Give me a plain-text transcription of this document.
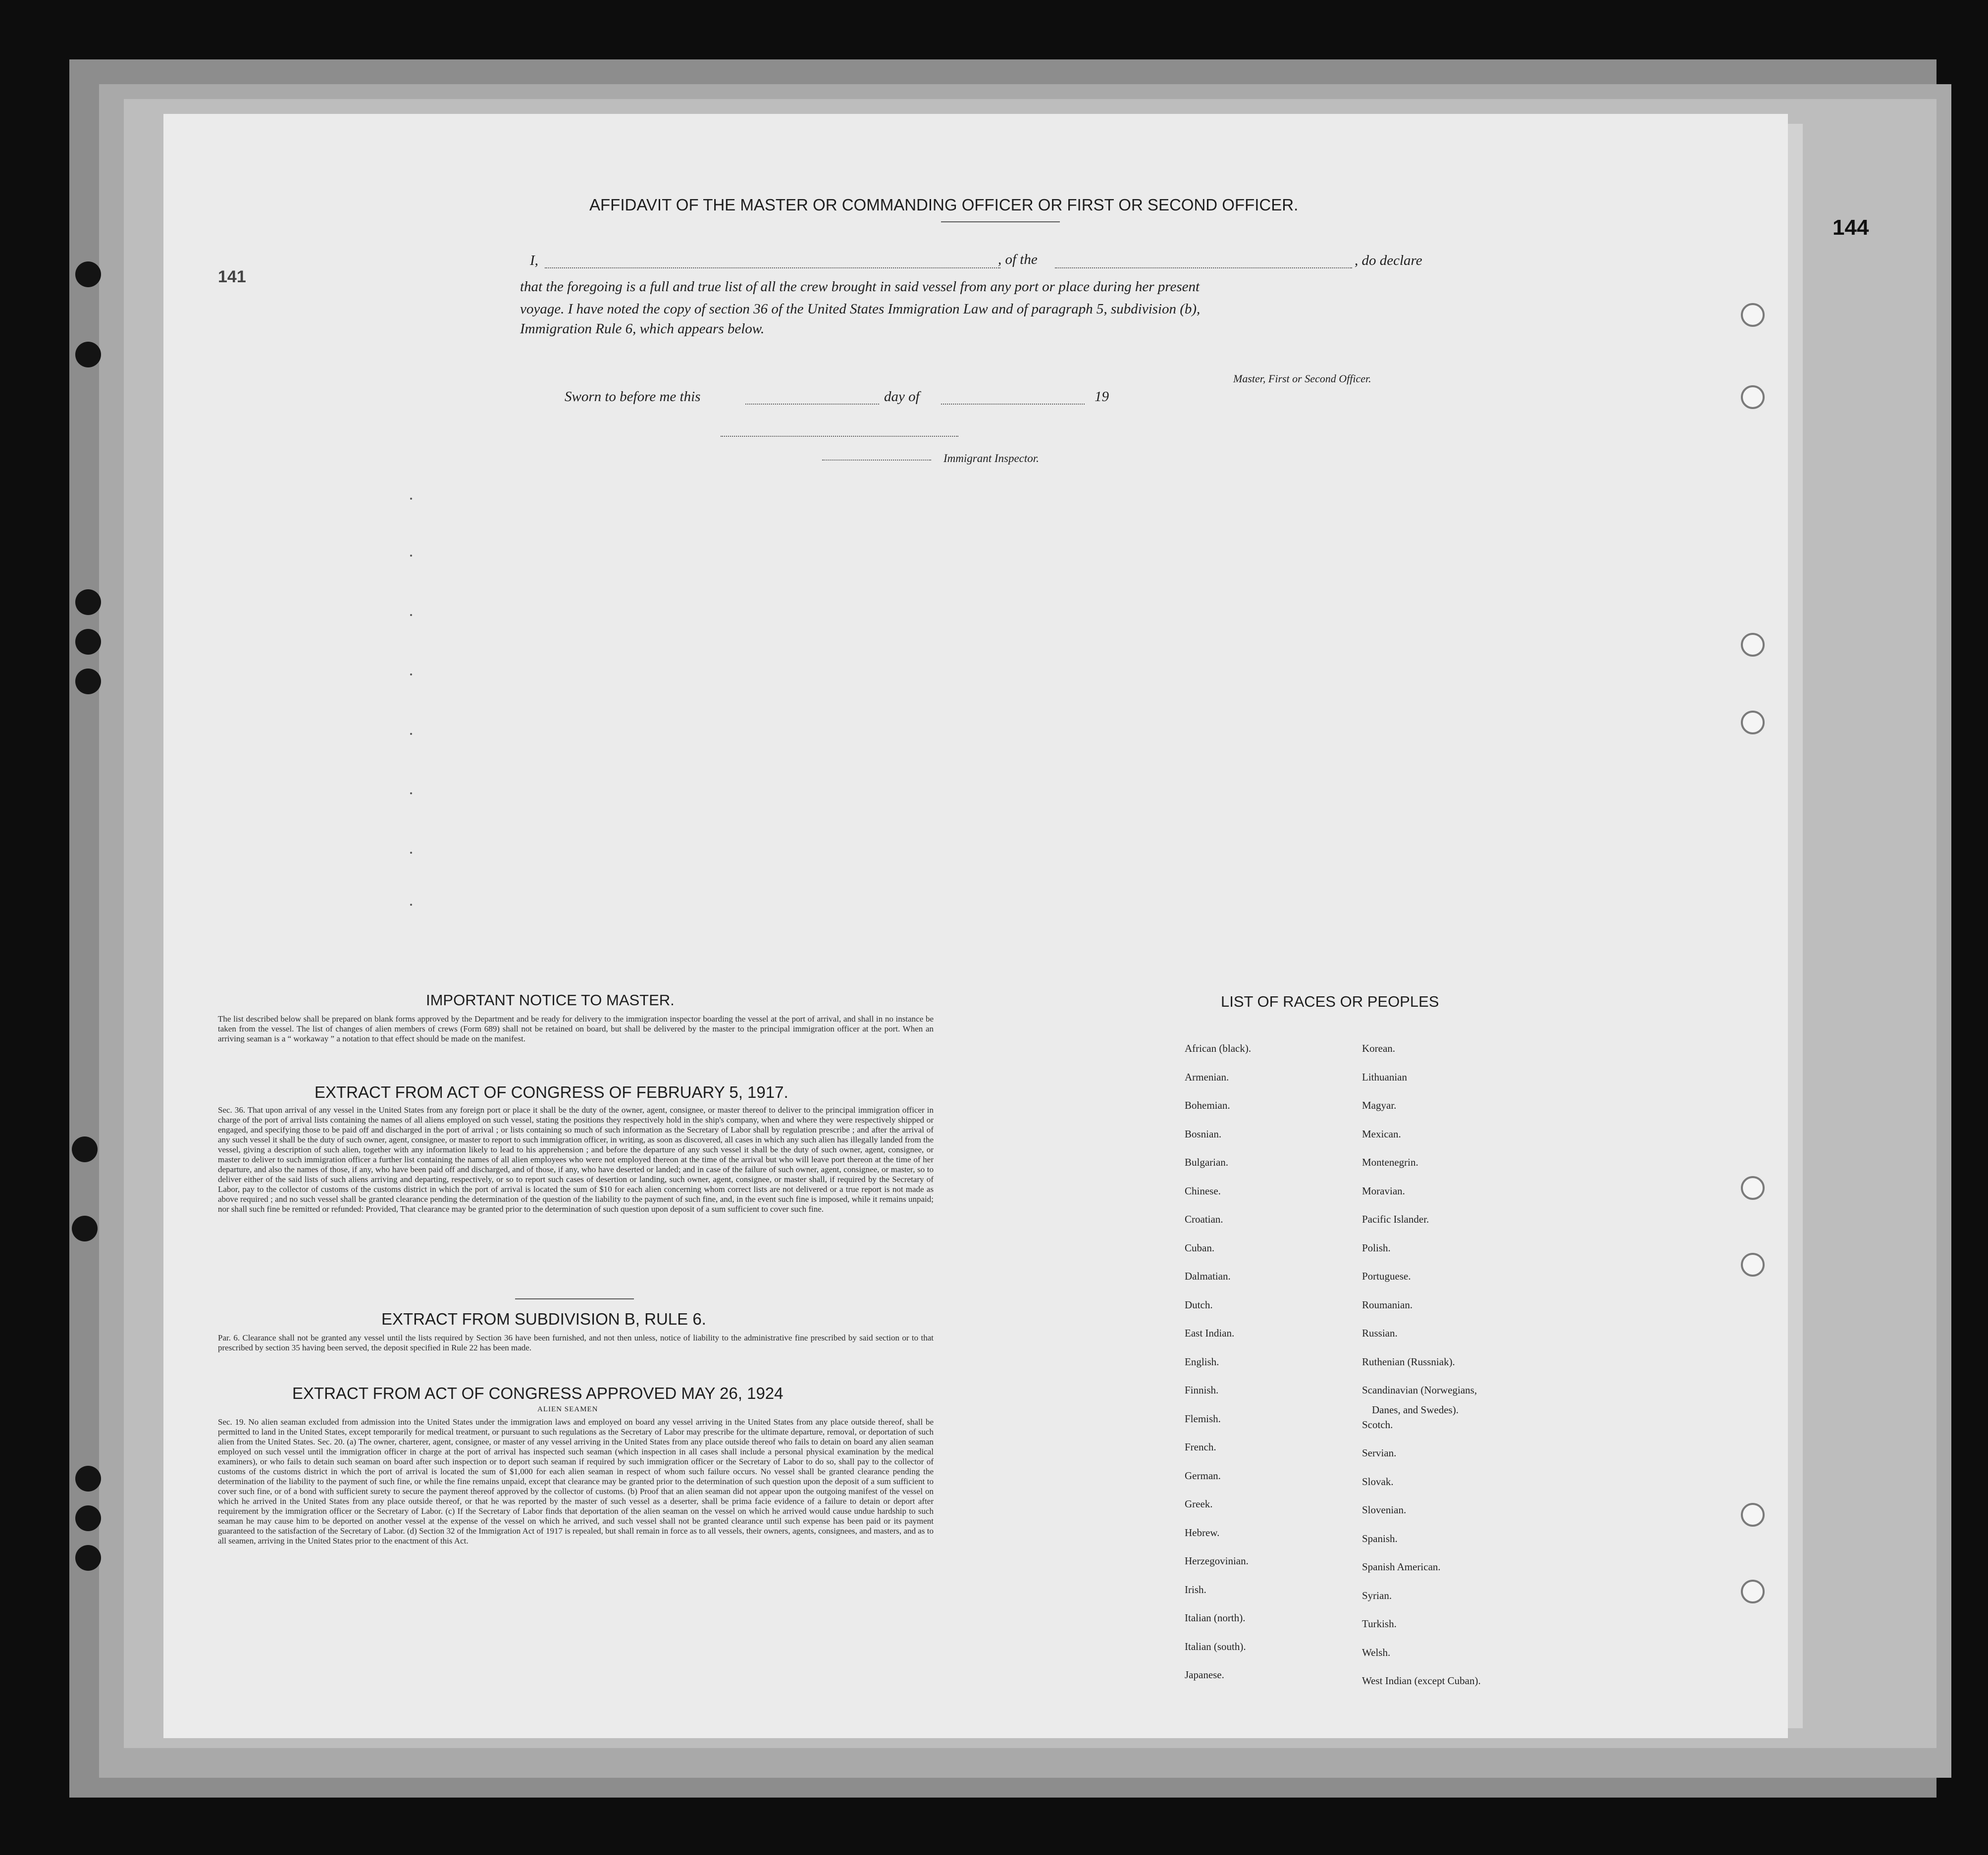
144
141
AFFIDAVIT OF THE MASTER OR COMMANDING OFFICER OR FIRST OR SECOND OFFICER.
I,	, of the	, do declare
that the foregoing is a full and true list of all the crew brought in said vessel from any port or place during her present
voyage. I have noted the copy of section 36 of the United States Immigration Law and of paragraph 5, subdivision (b),
Immigration Rule 6, which appears below.
Master, First or Second Officer.
Sworn to before me this	day of	19
Immigrant Inspector.
IMPORTANT NOTICE TO MASTER.
The list described below shall be prepared on blank forms approved by the Department and be ready for delivery to the immigration inspector boarding the vessel at the port of arrival, and shall in no instance be taken from the vessel. The list of changes of alien members of crews (Form 689) shall not be retained on board, but shall be delivered by the master to the principal immigration officer at the port. When an arriving seaman is a “ workaway ” a notation to that effect should be made on the manifest.
EXTRACT FROM ACT OF CONGRESS OF FEBRUARY 5, 1917.
Sec. 36. That upon arrival of any vessel in the United States from any foreign port or place it shall be the duty of the owner, agent, consignee, or master thereof to deliver to the principal immigration officer in charge of the port of arrival lists containing the names of all aliens employed on such vessel, stating the positions they respectively hold in the ship's company, when and where they were respectively shipped or engaged, and specifying those to be paid off and discharged in the port of arrival ; or lists containing so much of such information as the Secretary of Labor shall by regulation prescribe ; and after the arrival of any such vessel it shall be the duty of such owner, agent, consignee, or master to report to such immigration officer, in writing, as soon as discovered, all cases in which any such alien has illegally landed from the vessel, giving a description of such alien, together with any information likely to lead to his apprehension ; and before the departure of any such vessel it shall be the duty of such owner, agent, consignee, or master to deliver to such immigration officer a further list containing the names of all alien employees who were not employed thereon at the time of the arrival but who will leave port thereon at the time of her departure, and also the names of those, if any, who have been paid off and discharged, and of those, if any, who have deserted or landed; and in case of the failure of such owner, agent, consignee, or master, so to deliver either of the said lists of such aliens arriving and departing, respectively, or so to report such cases of desertion or landing, such owner, agent, consignee, or master shall, if required by the Secretary of Labor, pay to the collector of customs of the customs district in which the port of arrival is located the sum of $10 for each alien concerning whom correct lists are not delivered or a true report is not made as above required ; and no such vessel shall be granted clearance pending the determination of the question of the liability to the payment of such fine, and, in the event such fine is imposed, while it remains unpaid; nor shall such fine be remitted or refunded: Provided, That clearance may be granted prior to the determination of such question upon deposit of a sum sufficient to cover such fine.
EXTRACT FROM SUBDIVISION B, RULE 6.
Par. 6. Clearance shall not be granted any vessel until the lists required by Section 36 have been furnished, and not then unless, notice of liability to the administrative fine prescribed by said section or to that prescribed by section 35 having been served, the deposit specified in Rule 22 has been made.
EXTRACT FROM ACT OF CONGRESS APPROVED MAY 26, 1924
ALIEN SEAMEN
Sec. 19. No alien seaman excluded from admission into the United States under the immigration laws and employed on board any vessel arriving in the United States from any place outside thereof, shall be permitted to land in the United States, except temporarily for medical treatment, or pursuant to such regulations as the Secretary of Labor may prescribe for the ultimate departure, removal, or deportation of such alien from the United States. Sec. 20. (a) The owner, charterer, agent, consignee, or master of any vessel arriving in the United States from any place outside thereof who fails to detain on board any alien seaman employed on such vessel until the immigration officer in charge at the port of arrival has inspected such seaman (which inspection in all cases shall include a personal physical examination by the medical examiners), or who fails to detain such seaman on board after such inspection or to deport such seaman if required by such immigration officer or the Secretary of Labor to do so, shall pay to the collector of customs of the customs district in which the port of arrival is located the sum of $1,000 for each alien seaman in respect of whom such failure occurs. No vessel shall be granted clearance pending the determination of the liability to the payment of such fine, or while the fine remains unpaid, except that clearance may be granted prior to the determination of such question upon the deposit of a sum sufficient to cover such fine, or of a bond with sufficient surety to secure the payment thereof approved by the collector of customs. (b) Proof that an alien seaman did not appear upon the outgoing manifest of the vessel on which he arrived in the United States from any place outside thereof, or that he was reported by the master of such vessel as a deserter, shall be prima facie evidence of a failure to detain or deport after requirement by the immigration officer or the Secretary of Labor. (c) If the Secretary of Labor finds that deportation of the alien seaman on the vessel on which he arrived would cause undue hardship to such seaman he may cause him to be deported on another vessel at the expense of the vessel on which he arrived, and such vessel shall not be granted clearance until such expense has been paid or its payment guaranteed to the satisfaction of the Secretary of Labor. (d) Section 32 of the Immigration Act of 1917 is repealed, but shall remain in force as to all vessels, their owners, agents, consignees, and masters, and as to all seamen, arriving in the United States prior to the enactment of this Act.
LIST OF RACES OR PEOPLES
African (black).
Armenian.
Bohemian.
Bosnian.
Bulgarian.
Chinese.
Croatian.
Cuban.
Dalmatian.
Dutch.
East Indian.
English.
Finnish.
Flemish.
French.
German.
Greek.
Hebrew.
Herzegovinian.
Irish.
Italian (north).
Italian (south).
Japanese.
Korean.
Lithuanian
Magyar.
Mexican.
Montenegrin.
Moravian.
Pacific Islander.
Polish.
Portuguese.
Roumanian.
Russian.
Ruthenian (Russniak).
Scandinavian (Norwegians,
Scotch.
Servian.
Slovak.
Slovenian.
Spanish.
Spanish American.
Syrian.
Turkish.
Welsh.
West Indian (except Cuban).
Danes, and Swedes).
